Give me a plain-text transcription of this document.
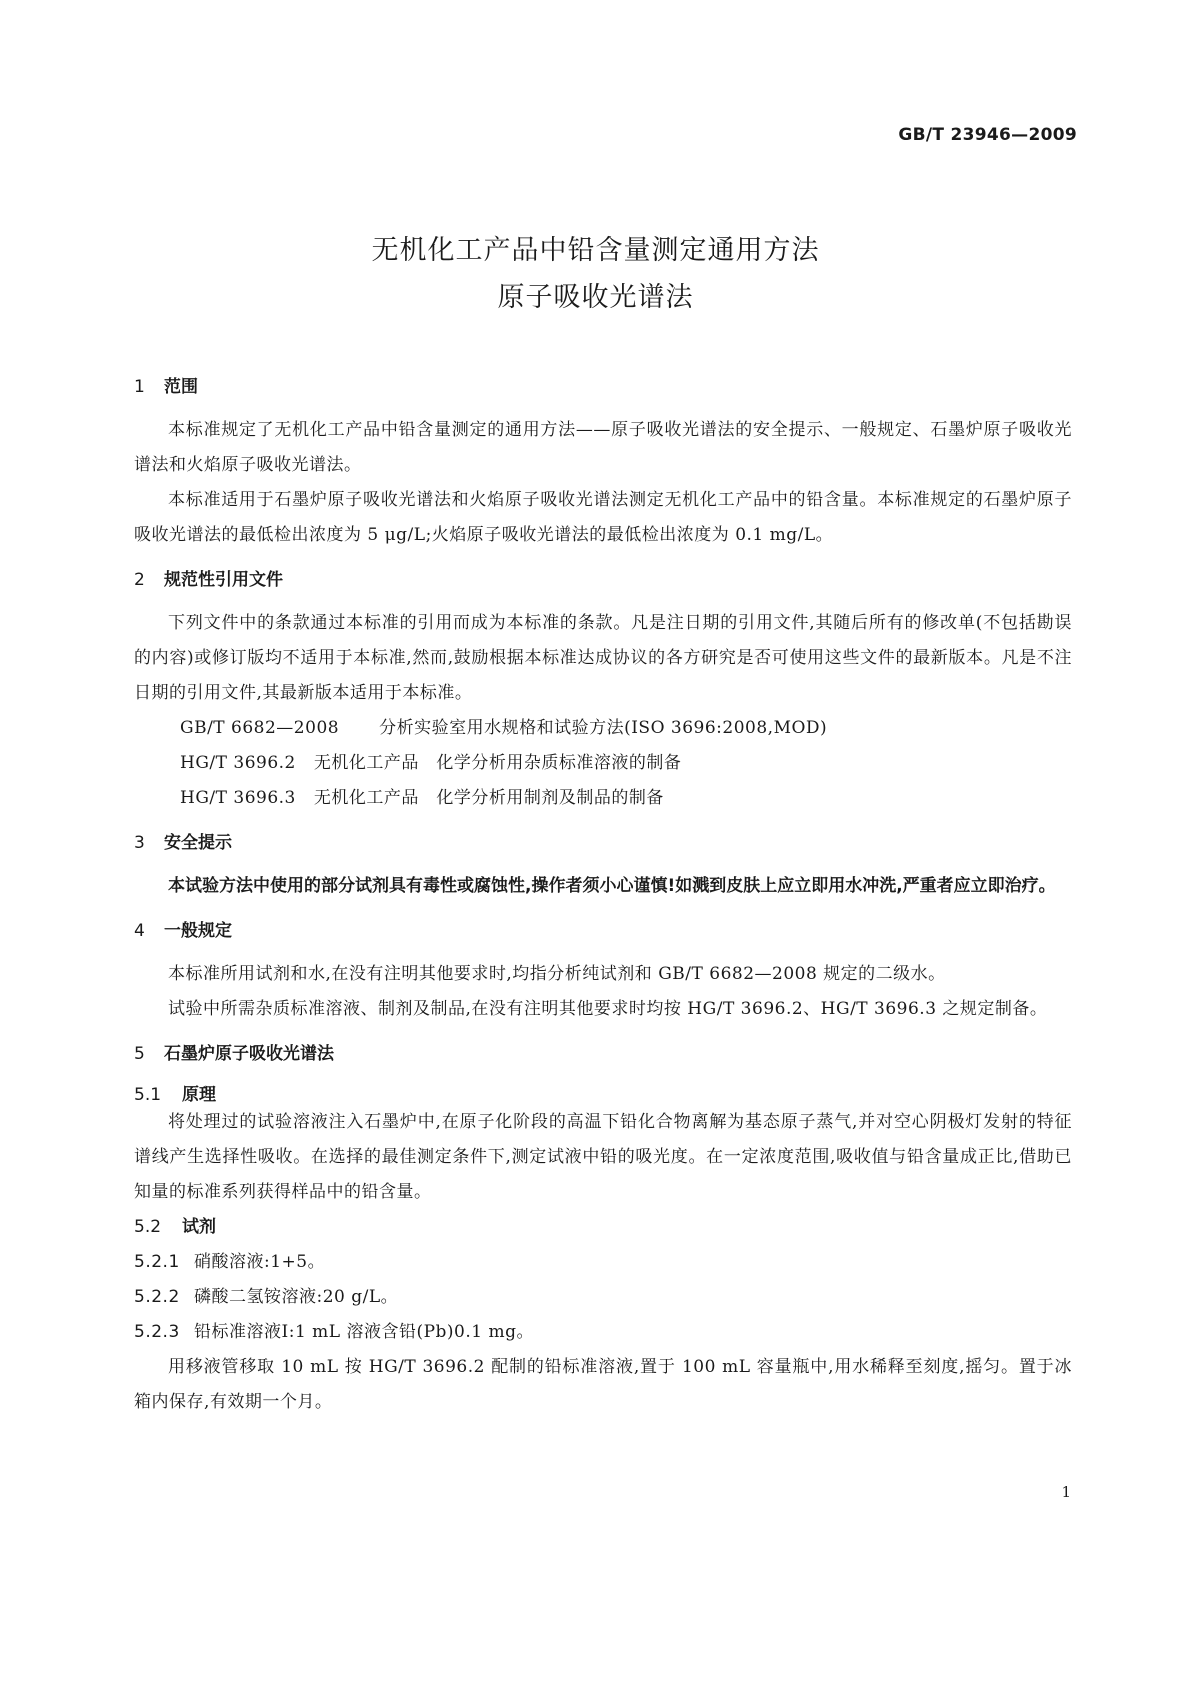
GB/T 23946—2009
无机化工产品中铅含量测定通用方法
原子吸收光谱法
1 范围

本标准规定了无机化工产品中铅含量测定的通用方法——原子吸收光谱法的安全提示、一般规定、石墨炉原子吸收光谱法和火焰原子吸收光谱法。

本标准适用于石墨炉原子吸收光谱法和火焰原子吸收光谱法测定无机化工产品中的铅含量。本标准规定的石墨炉原子吸收光谱法的最低检出浓度为 5 μg/L;火焰原子吸收光谱法的最低检出浓度为 0.1 mg/L。

2 规范性引用文件

下列文件中的条款通过本标准的引用而成为本标准的条款。凡是注日期的引用文件,其随后所有的修改单(不包括勘误的内容)或修订版均不适用于本标准,然而,鼓励根据本标准达成协议的各方研究是否可使用这些文件的最新版本。凡是不注日期的引用文件,其最新版本适用于本标准。

GB/T 6682—2008 分析实验室用水规格和试验方法(ISO 3696:2008,MOD)

HG/T 3696.2 无机化工产品　化学分析用杂质标准溶液的制备

HG/T 3696.3 无机化工产品　化学分析用制剂及制品的制备

3 安全提示

本试验方法中使用的部分试剂具有毒性或腐蚀性,操作者须小心谨慎!如溅到皮肤上应立即用水冲洗,严重者应立即治疗。

4 一般规定

本标准所用试剂和水,在没有注明其他要求时,均指分析纯试剂和 GB/T 6682—2008 规定的二级水。

试验中所需杂质标准溶液、制剂及制品,在没有注明其他要求时均按 HG/T 3696.2、HG/T 3696.3 之规定制备。

5 石墨炉原子吸收光谱法
5.1 原理

将处理过的试验溶液注入石墨炉中,在原子化阶段的高温下铅化合物离解为基态原子蒸气,并对空心阴极灯发射的特征谱线产生选择性吸收。在选择的最佳测定条件下,测定试液中铅的吸光度。在一定浓度范围,吸收值与铅含量成正比,借助已知量的标准系列获得样品中的铅含量。

5.2 试剂

5.2.1 硝酸溶液:1+5。

5.2.2 磷酸二氢铵溶液:20 g/L。

5.2.3 铅标准溶液Ⅰ:1 mL 溶液含铅(Pb)0.1 mg。

用移液管移取 10 mL 按 HG/T 3696.2 配制的铅标准溶液,置于 100 mL 容量瓶中,用水稀释至刻度,摇匀。置于冰箱内保存,有效期一个月。

1
